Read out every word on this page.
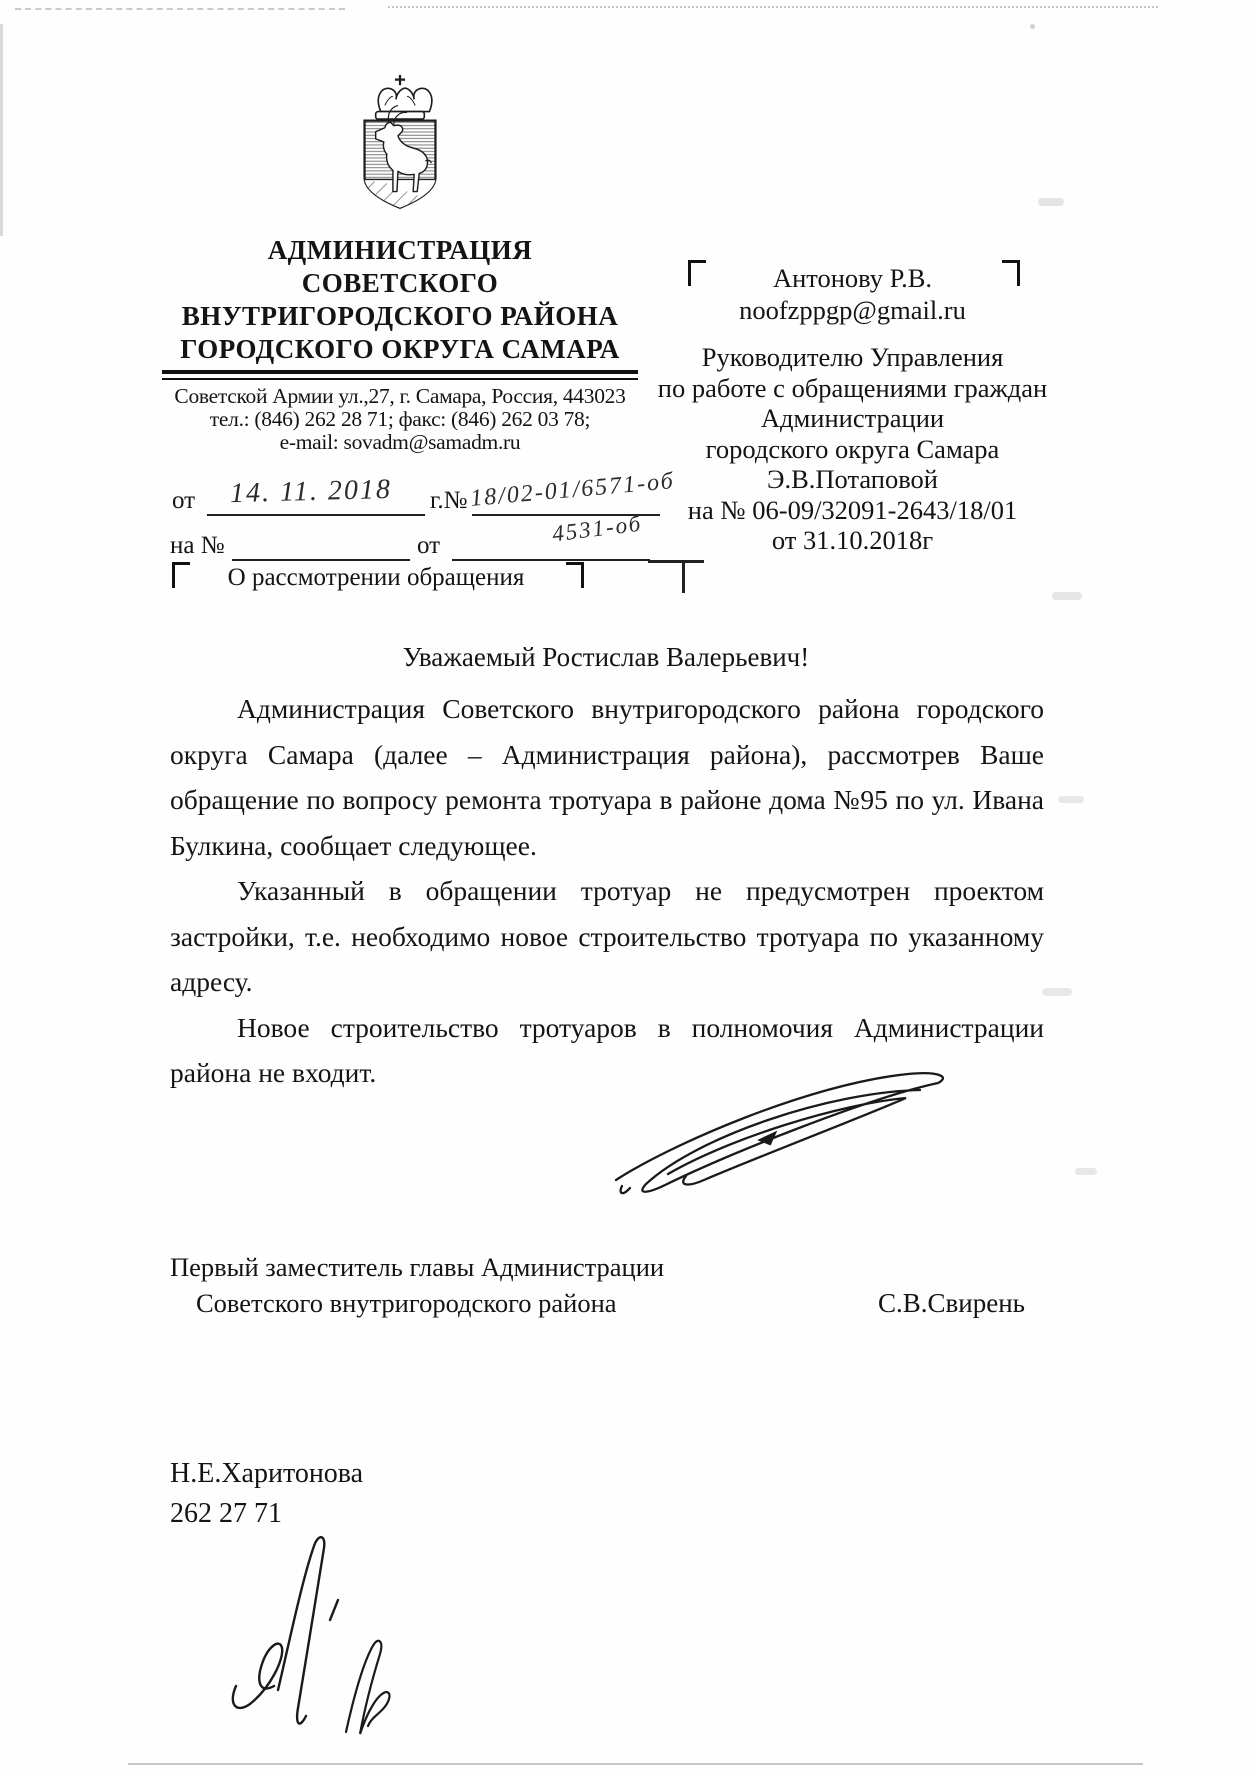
АДМИНИСТРАЦИЯ
СОВЕТСКОГО
ВНУТРИГОРОДСКОГО РАЙОНА
ГОРОДСКОГО ОКРУГА САМАРА
Советской Армии ул.,27, г. Самара, Россия, 443023
тел.: (846) 262 28 71; факс: (846) 262 03 78;
e-mail: sovadm@samadm.ru
от 14. 11. 2018 г.№ 18/02-01/6571-об
4531-об
на №	от
О рассмотрении обращения
Антонову Р.В.
noofzppgp@gmail.ru
Руководителю Управления
по работе с обращениями граждан
Администрации
городского округа Самара
Э.В.Потаповой
на № 06-09/32091-2643/18/01
от 31.10.2018г
Уважаемый Ростислав Валерьевич!

Администрация Советского внутригородского района городского округа Самара (далее – Администрация района), рассмотрев Ваше обращение по вопросу ремонта тротуара в районе дома №95 по ул. Ивана Булкина, сообщает следующее.

Указанный в обращении тротуар не предусмотрен проектом застройки, т.е. необходимо новое строительство тротуара по указанному адресу.

Новое строительство тротуаров в полномочия Администрации района не входит.

Первый заместитель главы Администрации
Советского внутригородского района	С.В.Свирень
Н.Е.Харитонова
262 27 71
